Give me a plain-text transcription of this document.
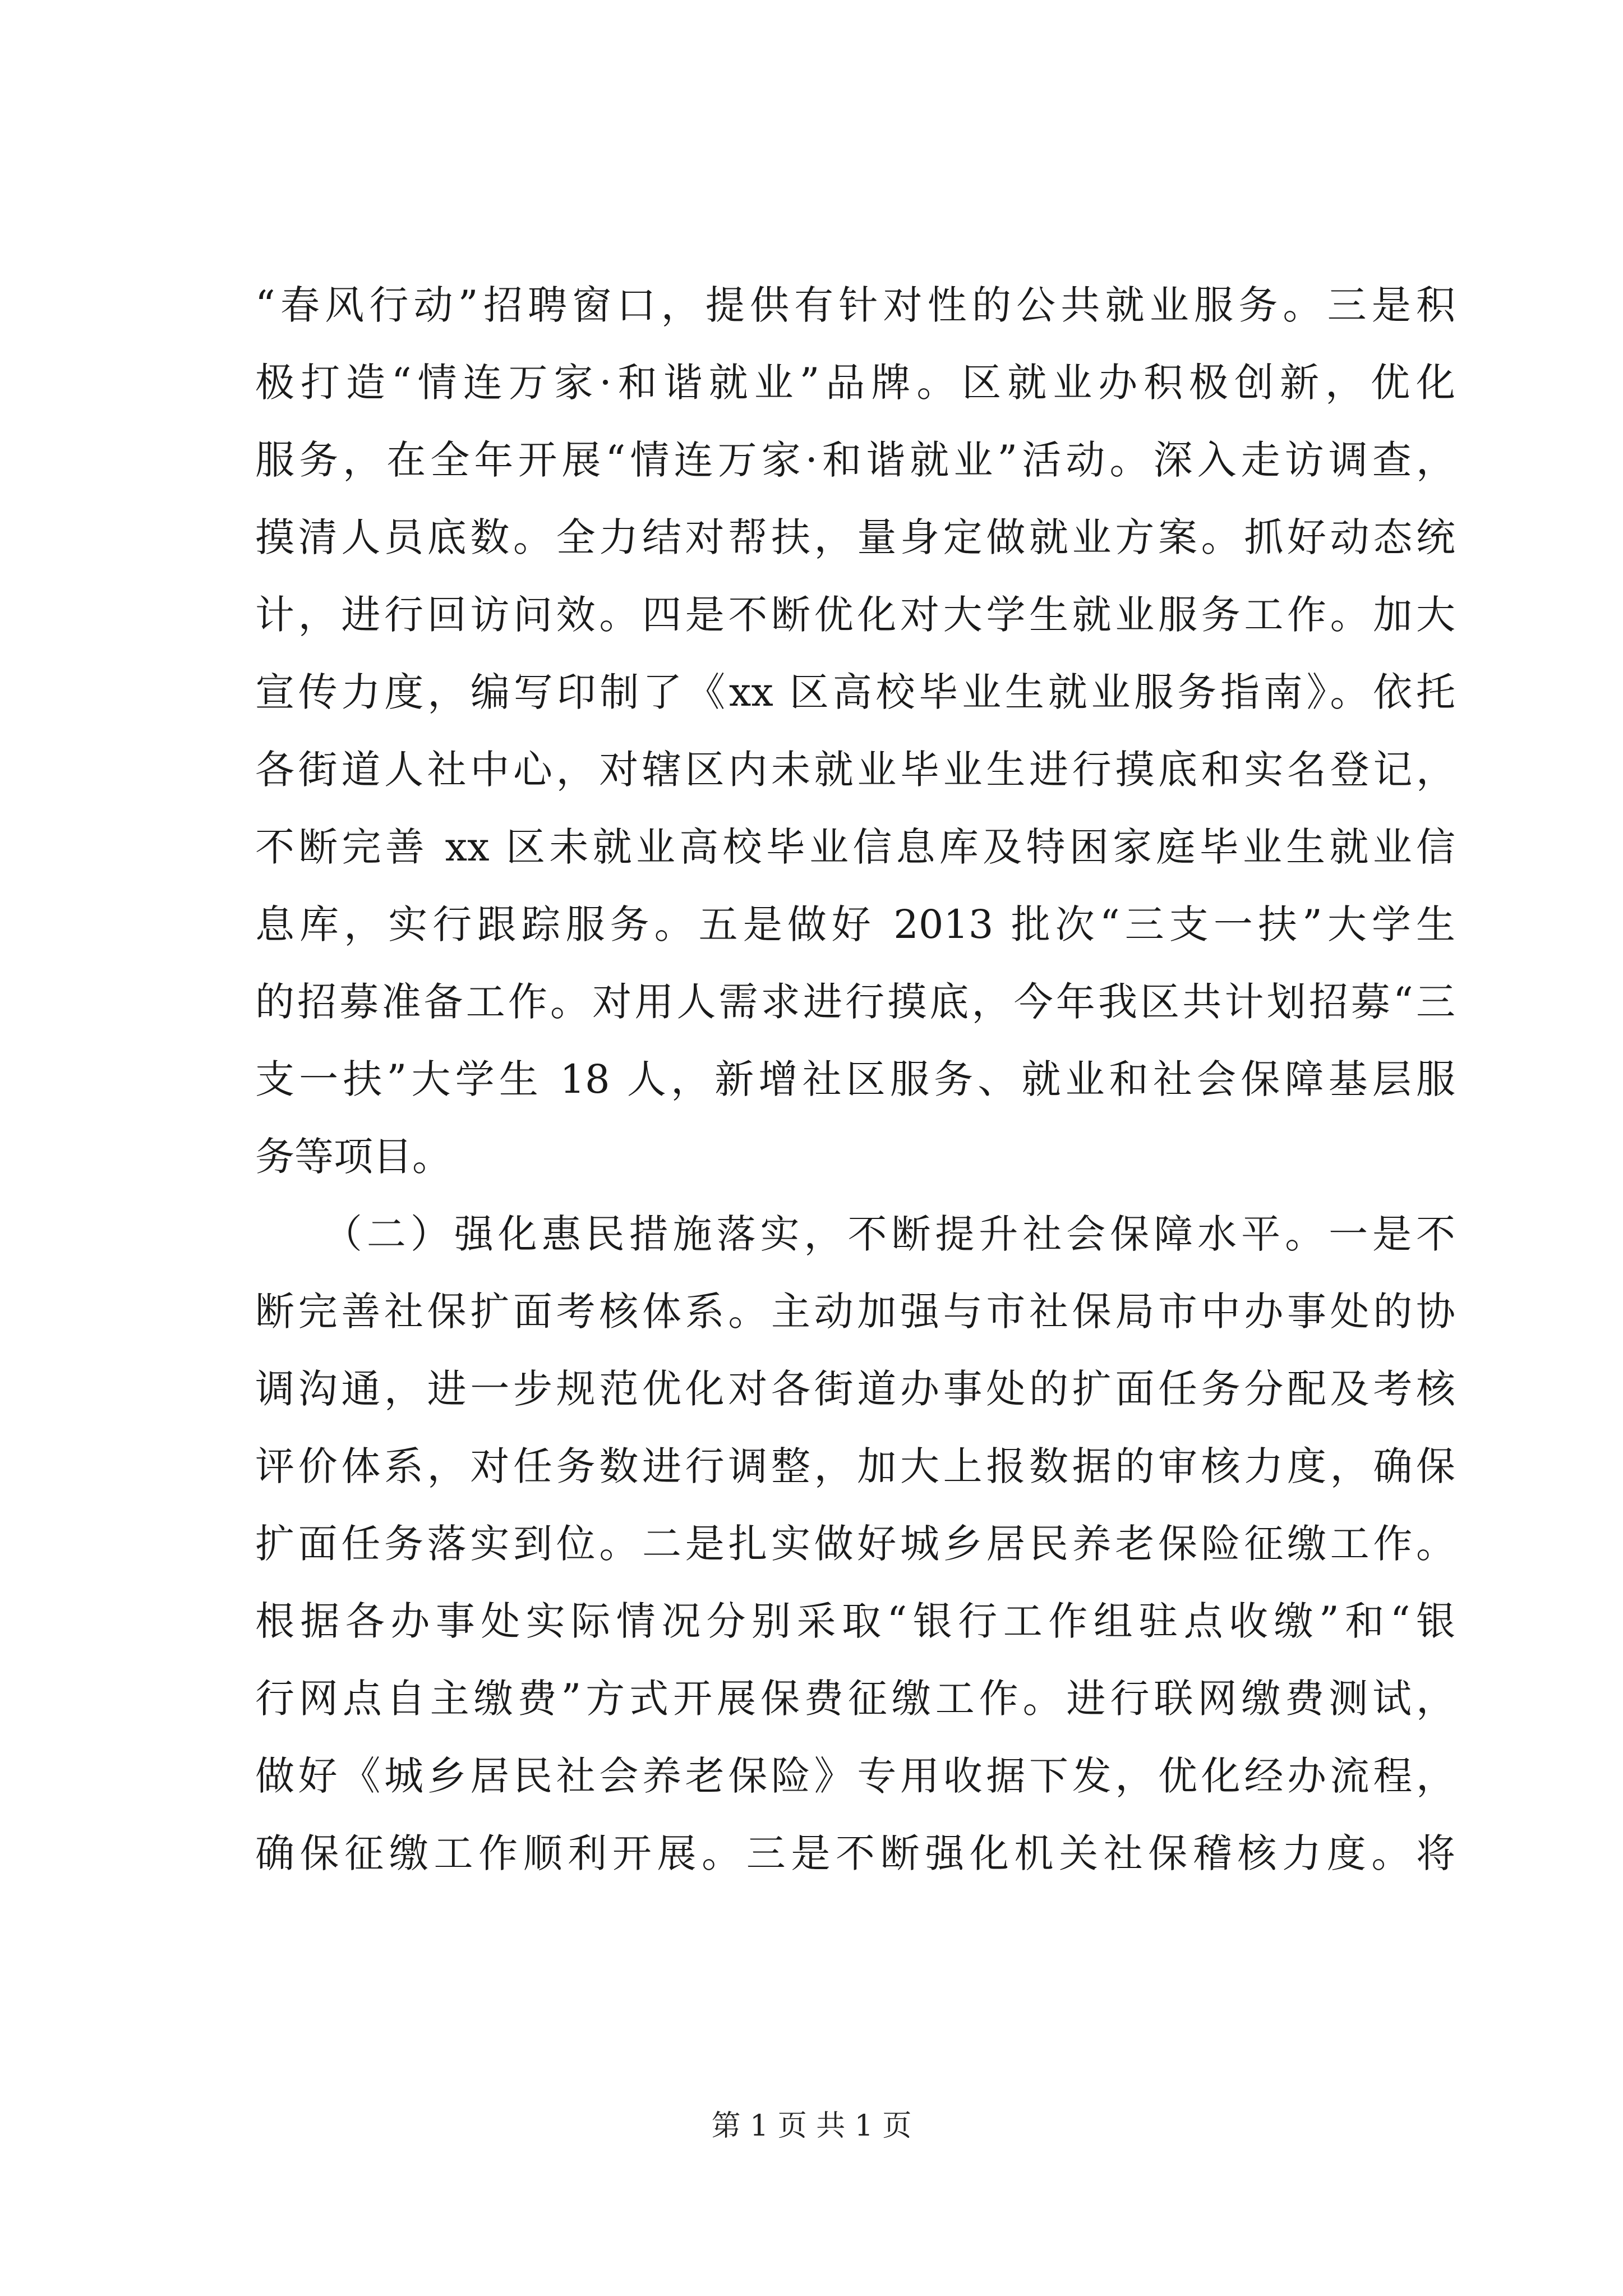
“春风行动”招聘窗口，提供有针对性的公共就业服务。三是积
极打造“情连万家·和谐就业”品牌。区就业办积极创新，优化
服务，在全年开展“情连万家·和谐就业”活动。深入走访调查，
摸清人员底数。全力结对帮扶，量身定做就业方案。抓好动态统
计，进行回访问效。四是不断优化对大学生就业服务工作。加大
宣传力度，编写印制了《xx 区高校毕业生就业服务指南》。依托
各街道人社中心，对辖区内未就业毕业生进行摸底和实名登记，
不断完善 xx 区未就业高校毕业信息库及特困家庭毕业生就业信
息库，实行跟踪服务。五是做好 2013 批次“三支一扶”大学生
的招募准备工作。对用人需求进行摸底，今年我区共计划招募“三
支一扶”大学生 18 人，新增社区服务、就业和社会保障基层服
务等项目。
　　（二）强化惠民措施落实，不断提升社会保障水平。一是不
断完善社保扩面考核体系。主动加强与市社保局市中办事处的协
调沟通，进一步规范优化对各街道办事处的扩面任务分配及考核
评价体系，对任务数进行调整，加大上报数据的审核力度，确保
扩面任务落实到位。二是扎实做好城乡居民养老保险征缴工作。
根据各办事处实际情况分别采取“银行工作组驻点收缴”和“银
行网点自主缴费”方式开展保费征缴工作。进行联网缴费测试，
做好《城乡居民社会养老保险》专用收据下发，优化经办流程，
确保征缴工作顺利开展。三是不断强化机关社保稽核力度。将
第 1 页 共 1 页
